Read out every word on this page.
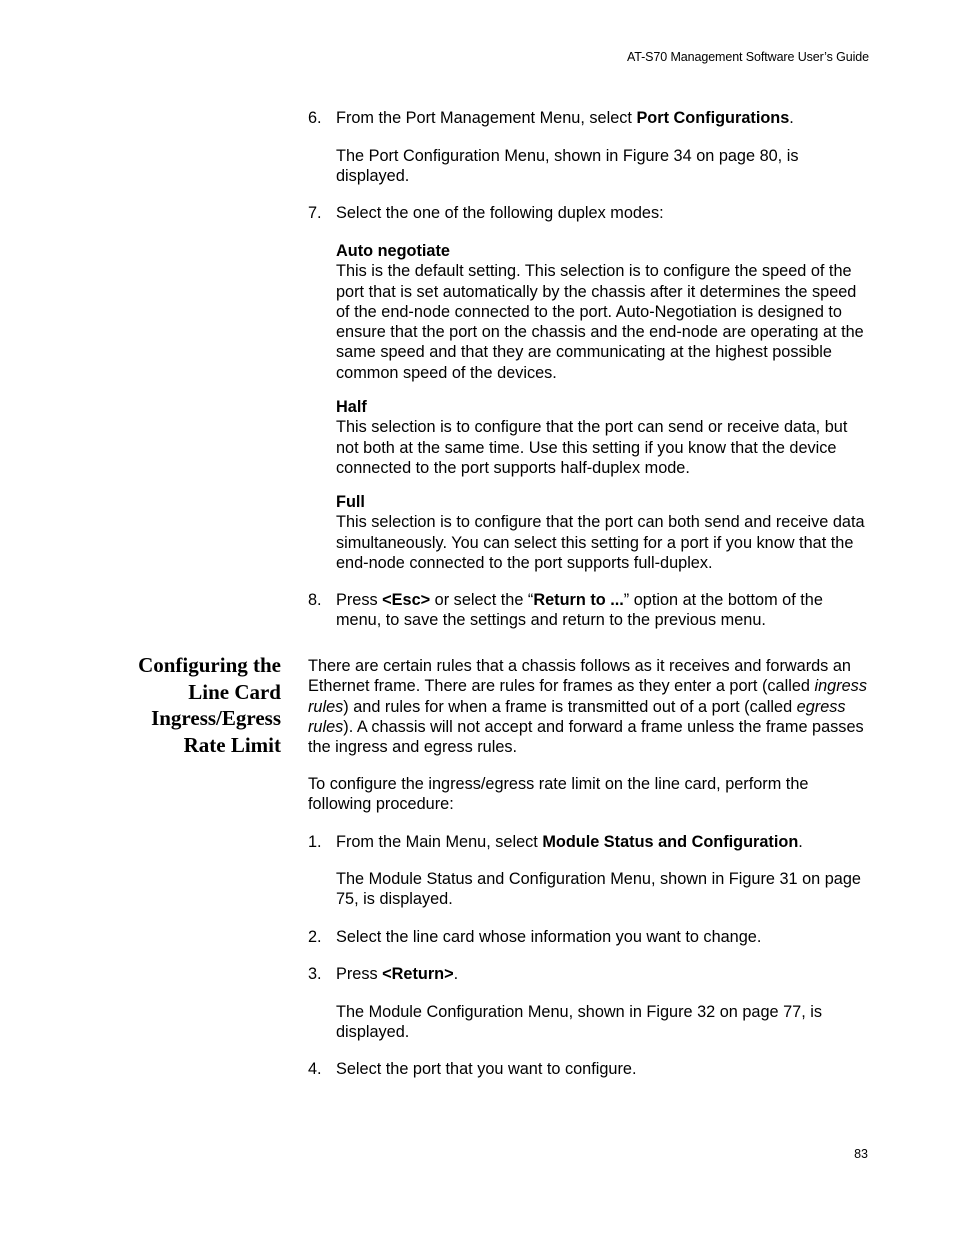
AT-S70 Management Software User’s Guide
6. From the Port Management Menu, select Port Configurations.

The Port Configuration Menu, shown in Figure 34 on page 80, is displayed.

7. Select the one of the following duplex modes:
Auto negotiate
This is the default setting. This selection is to configure the speed of the port that is set automatically by the chassis after it determines the speed of the end-node connected to the port. Auto-Negotiation is designed to ensure that the port on the chassis and the end-node are operating at the same speed and that they are communicating at the highest possible common speed of the devices.
Half
This selection is to configure that the port can send or receive data, but not both at the same time. Use this setting if you know that the device connected to the port supports half-duplex mode.
Full
This selection is to configure that the port can both send and receive data simultaneously. You can select this setting for a port if you know that the end-node connected to the port supports full-duplex.
8. Press <Esc> or select the “Return to ...” option at the bottom of the
menu, to save the settings and return to the previous menu.
Configuring the
Line Card
Ingress/Egress
Rate Limit

There are certain rules that a chassis follows as it receives and forwards an Ethernet frame. There are rules for frames as they enter a port (called ingress rules) and rules for when a frame is transmitted out of a port (called egress rules). A chassis will not accept and forward a frame unless the frame passes the ingress and egress rules.

To configure the ingress/egress rate limit on the line card, perform the following procedure:

1. From the Main Menu, select Module Status and Configuration.

The Module Status and Configuration Menu, shown in Figure 31 on page 75, is displayed.

2. Select the line card whose information you want to change.
3. Press <Return>.

The Module Configuration Menu, shown in Figure 32 on page 77, is displayed.

4. Select the port that you want to configure.
83
